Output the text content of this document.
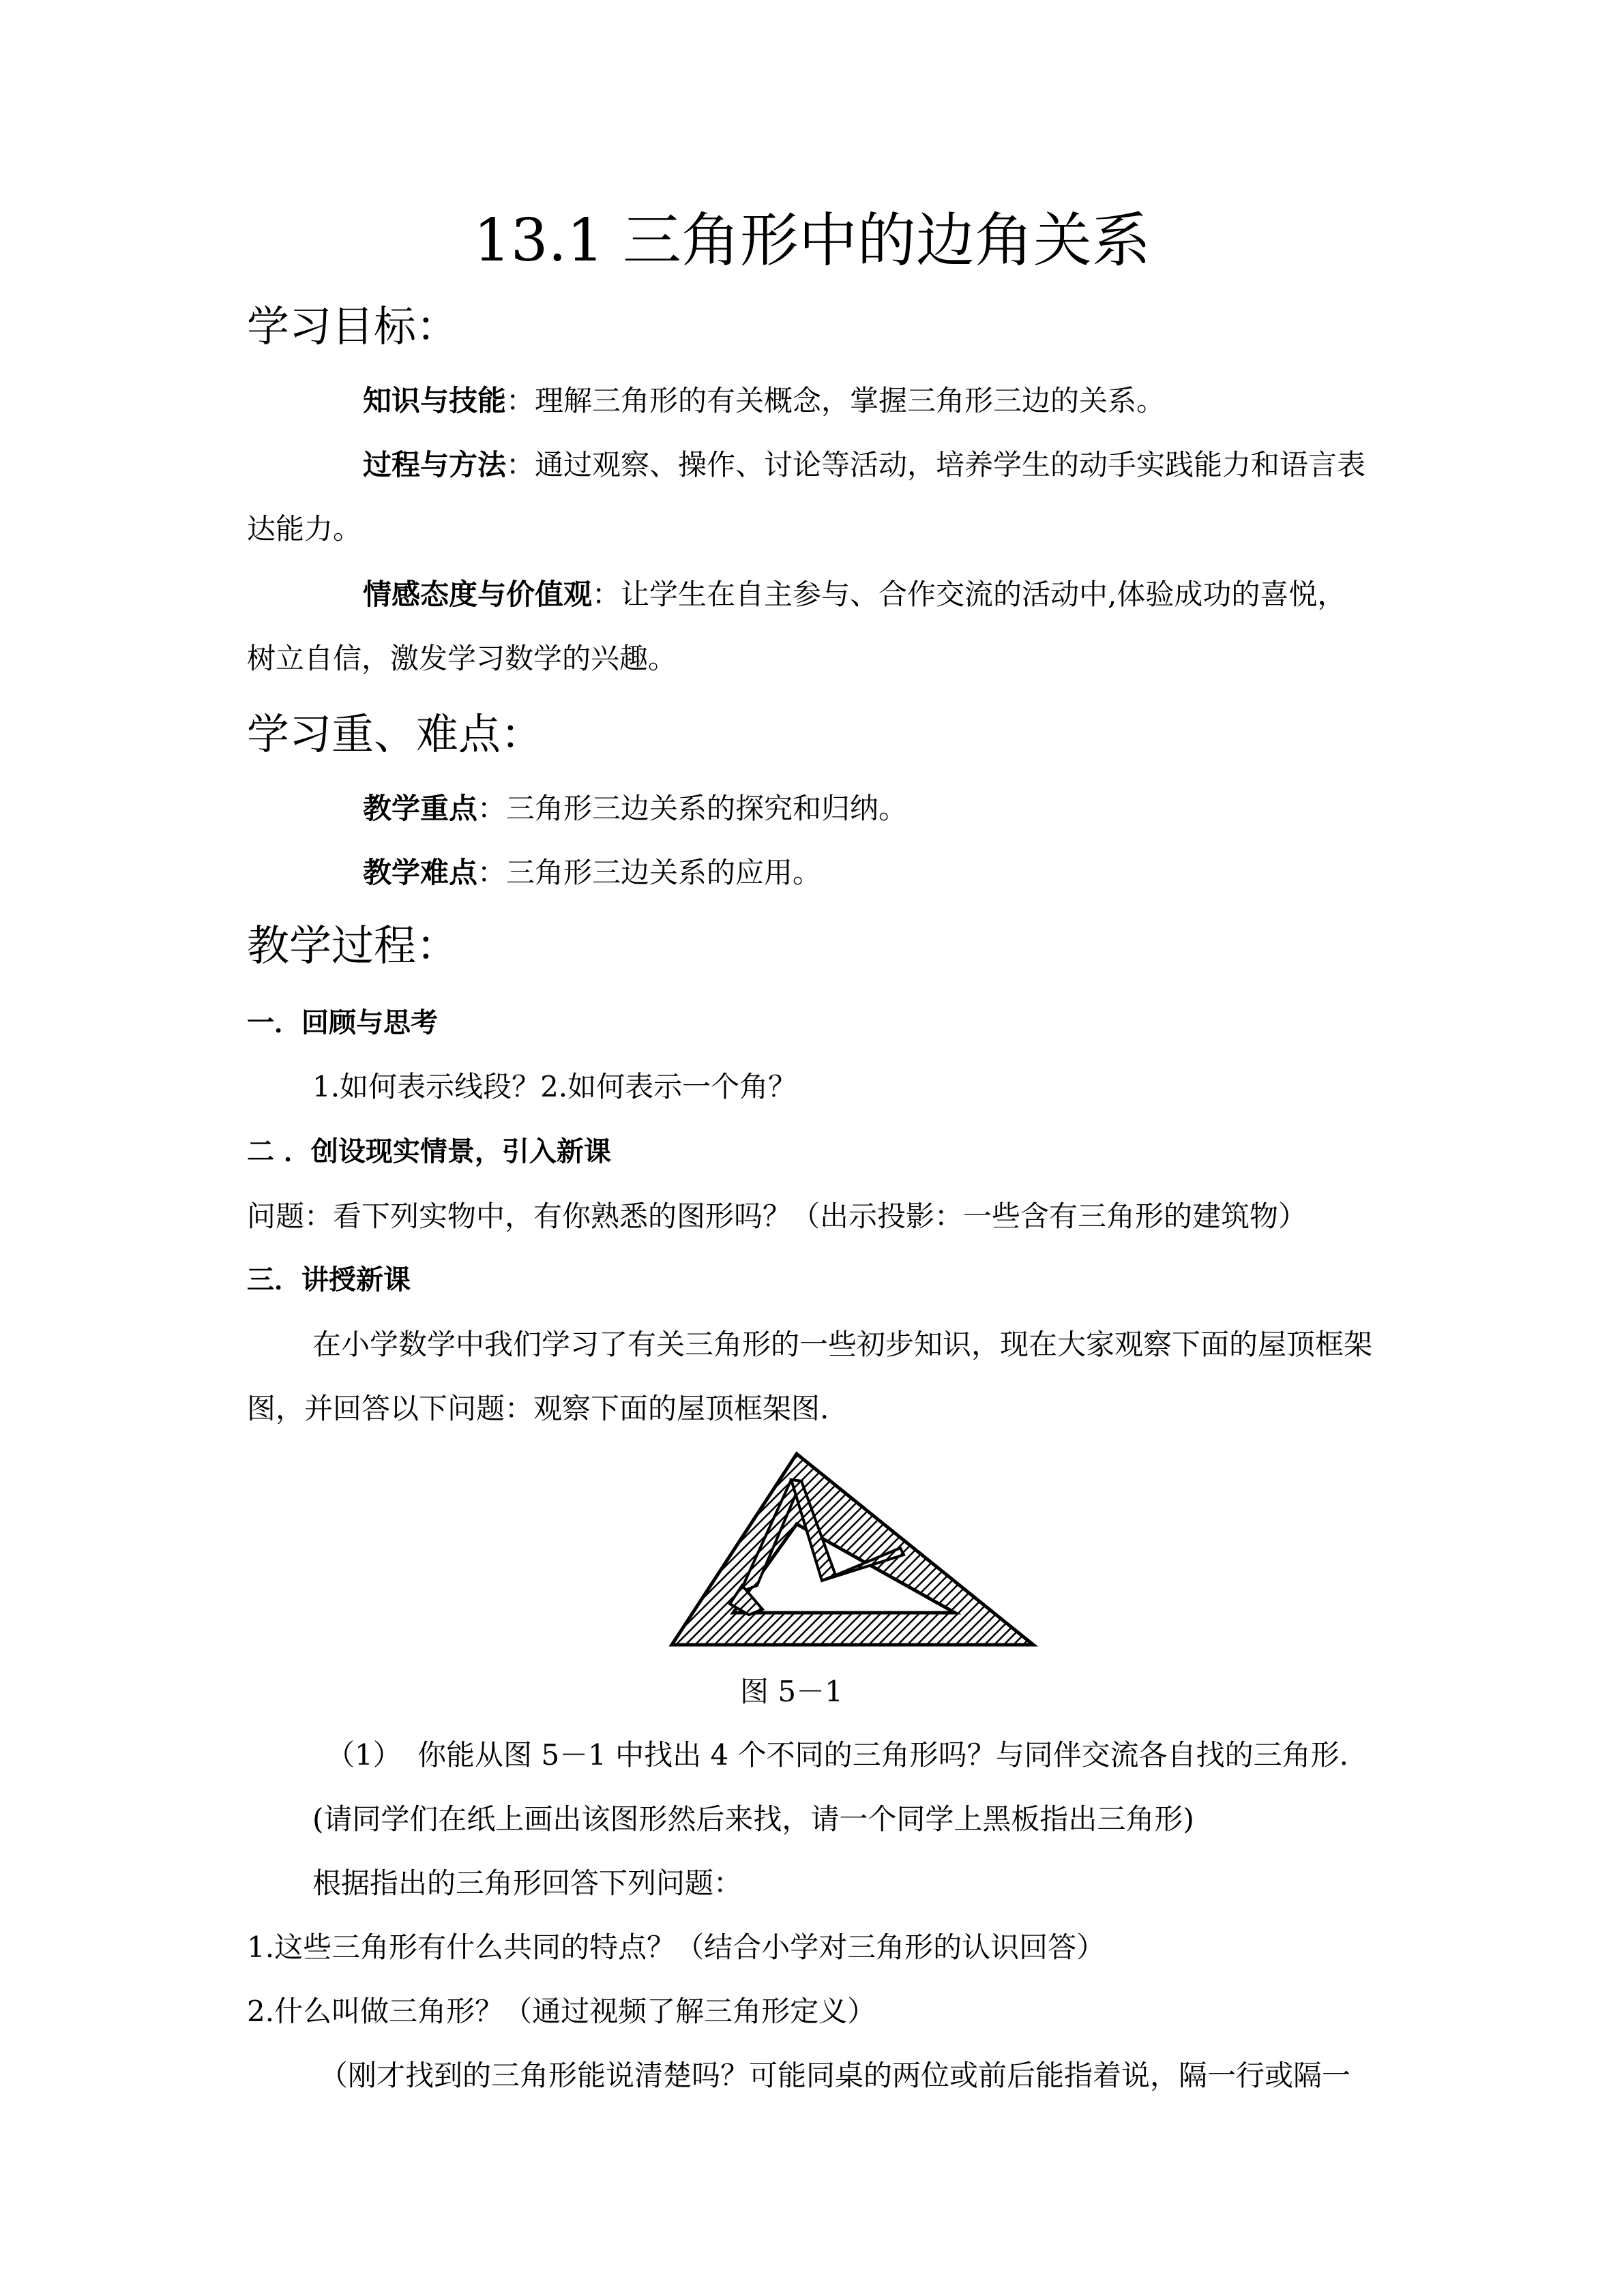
13.1 三角形中的边角关系
学习目标：
知识与技能：理解三角形的有关概念，掌握三角形三边的关系。
过程与方法：通过观察、操作、讨论等活动，培养学生的动手实践能力和语言表
达能力。
情感态度与价值观：让学生在自主参与、合作交流的活动中,体验成功的喜悦，
树立自信，激发学习数学的兴趣。
学习重、难点：
教学重点：三角形三边关系的探究和归纳。
教学难点：三角形三边关系的应用。
教学过程：
一．回顾与思考
1.如何表示线段？2.如何表示一个角？
二 ．创设现实情景，引入新课
问题：看下列实物中，有你熟悉的图形吗？（出示投影：一些含有三角形的建筑物）
三．讲授新课
在小学数学中我们学习了有关三角形的一些初步知识，现在大家观察下面的屋顶框架
图，并回答以下问题：观察下面的屋顶框架图.
图 5－1
（1） 你能从图 5－1 中找出 4 个不同的三角形吗？与同伴交流各自找的三角形.
(请同学们在纸上画出该图形然后来找，请一个同学上黑板指出三角形)
根据指出的三角形回答下列问题：
1.这些三角形有什么共同的特点？（结合小学对三角形的认识回答）
2.什么叫做三角形？（通过视频了解三角形定义）
（刚才找到的三角形能说清楚吗？可能同桌的两位或前后能指着说，隔一行或隔一
